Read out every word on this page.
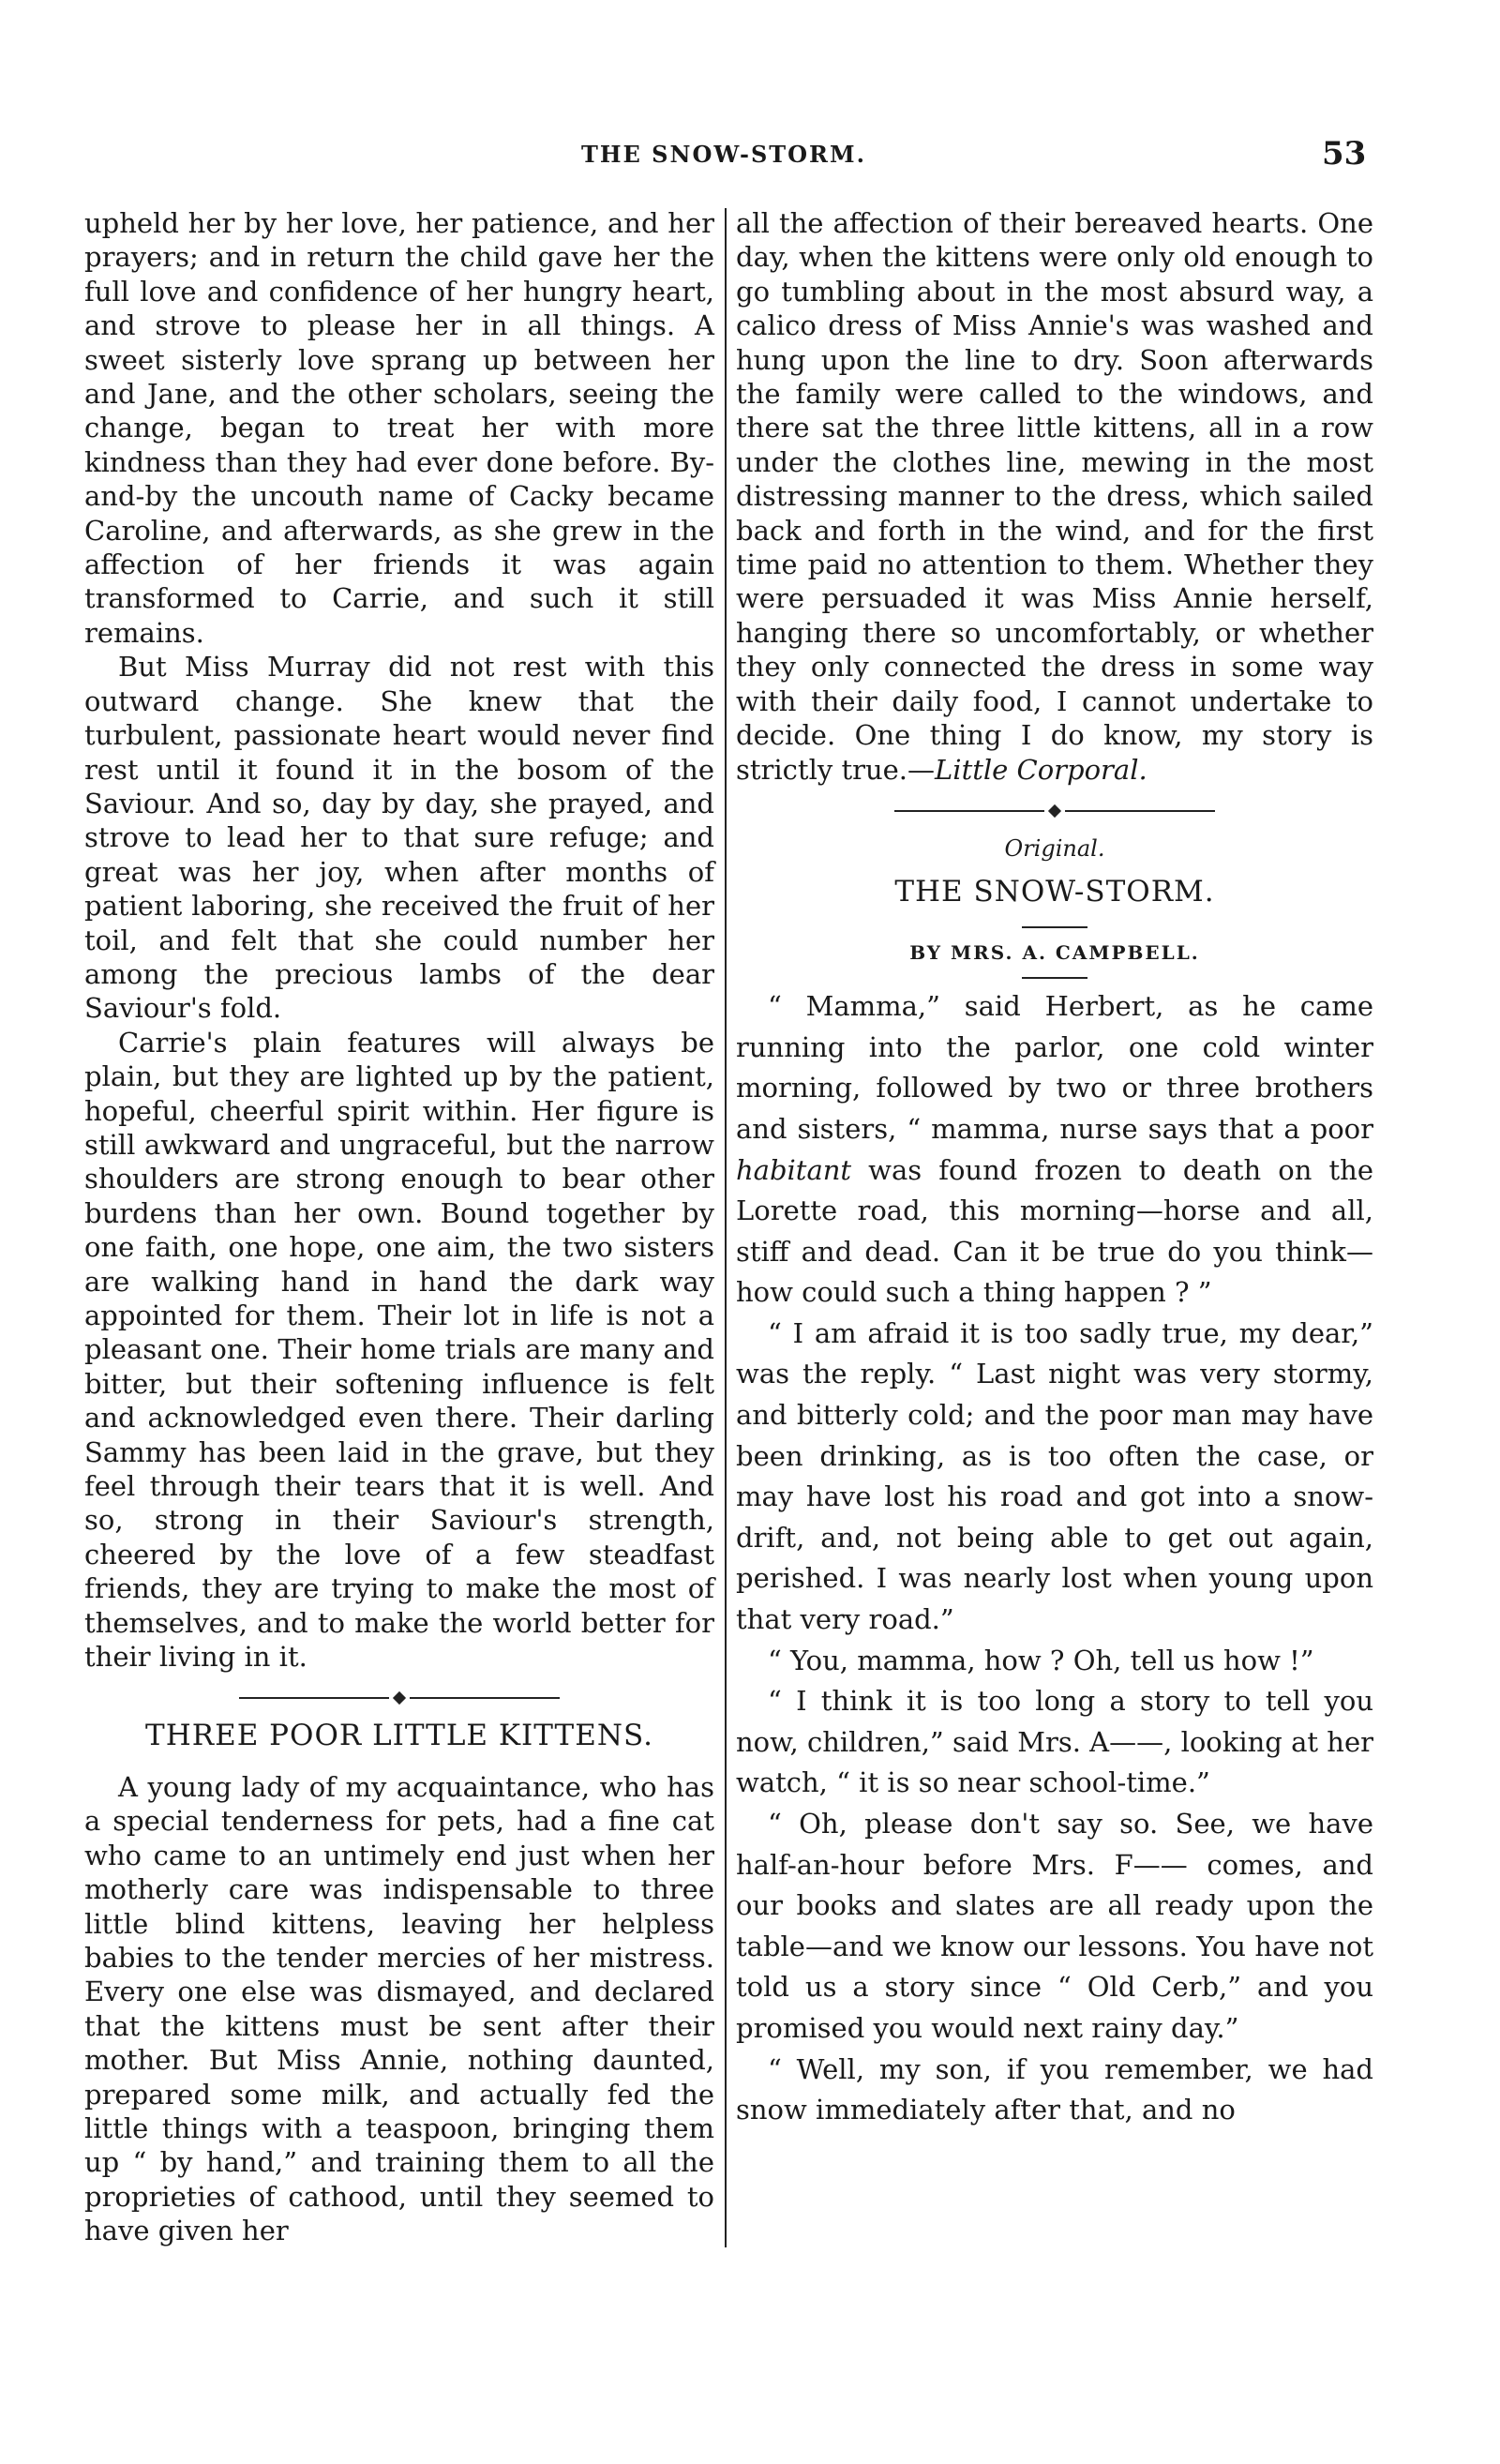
THE SNOW-STORM.	53

upheld her by her love, her patience, and her prayers; and in return the child gave her the full love and confidence of her hungry heart, and strove to please her in all things. A sweet sisterly love sprang up between her and Jane, and the other scholars, seeing the change, began to treat her with more kindness than they had ever done before. By-and-by the uncouth name of Cacky became Caroline, and afterwards, as she grew in the affection of her friends it was again transformed to Carrie, and such it still remains.

But Miss Murray did not rest with this outward change. She knew that the turbulent, passionate heart would never find rest until it found it in the bosom of the Saviour. And so, day by day, she prayed, and strove to lead her to that sure refuge; and great was her joy, when after months of patient laboring, she received the fruit of her toil, and felt that she could number her among the precious lambs of the dear Saviour's fold.

Carrie's plain features will always be plain, but they are lighted up by the patient, hopeful, cheerful spirit within. Her figure is still awkward and ungraceful, but the narrow shoulders are strong enough to bear other burdens than her own. Bound together by one faith, one hope, one aim, the two sisters are walking hand in hand the dark way appointed for them. Their lot in life is not a pleasant one. Their home trials are many and bitter, but their softening influence is felt and acknowledged even there. Their darling Sammy has been laid in the grave, but they feel through their tears that it is well. And so, strong in their Saviour's strength, cheered by the love of a few steadfast friends, they are trying to make the most of themselves, and to make the world better for their living in it.

THREE POOR LITTLE KITTENS.

A young lady of my acquaintance, who has a special tenderness for pets, had a fine cat who came to an untimely end just when her motherly care was indispensable to three little blind kittens, leaving her helpless babies to the tender mercies of her mistress. Every one else was dismayed, and declared that the kittens must be sent after their mother. But Miss Annie, nothing daunted, prepared some milk, and actually fed the little things with a teaspoon, bringing them up “ by hand,” and training them to all the proprieties of cathood, until they seemed to have given her

all the affection of their bereaved hearts. One day, when the kittens were only old enough to go tumbling about in the most absurd way, a calico dress of Miss Annie's was washed and hung upon the line to dry. Soon afterwards the family were called to the windows, and there sat the three little kittens, all in a row under the clothes line, mewing in the most distressing manner to the dress, which sailed back and forth in the wind, and for the first time paid no attention to them. Whether they were persuaded it was Miss Annie herself, hanging there so uncomfortably, or whether they only connected the dress in some way with their daily food, I cannot undertake to decide. One thing I do know, my story is strictly true.—Little Corporal.

Original.
THE SNOW-STORM.
BY MRS. A. CAMPBELL.

“ Mamma,” said Herbert, as he came running into the parlor, one cold winter morning, followed by two or three brothers and sisters, “ mamma, nurse says that a poor habitant was found frozen to death on the Lorette road, this morning—horse and all, stiff and dead. Can it be true do you think—how could such a thing happen ? ”

“ I am afraid it is too sadly true, my dear,” was the reply. “ Last night was very stormy, and bitterly cold; and the poor man may have been drinking, as is too often the case, or may have lost his road and got into a snow-drift, and, not being able to get out again, perished. I was nearly lost when young upon that very road.”

“ You, mamma, how ? Oh, tell us how !”

“ I think it is too long a story to tell you now, children,” said Mrs. A——, looking at her watch, “ it is so near school-time.”

“ Oh, please don't say so. See, we have half-an-hour before Mrs. F—— comes, and our books and slates are all ready upon the table—and we know our lessons. You have not told us a story since “ Old Cerb,” and you promised you would next rainy day.”

“ Well, my son, if you remember, we had snow immediately after that, and no
